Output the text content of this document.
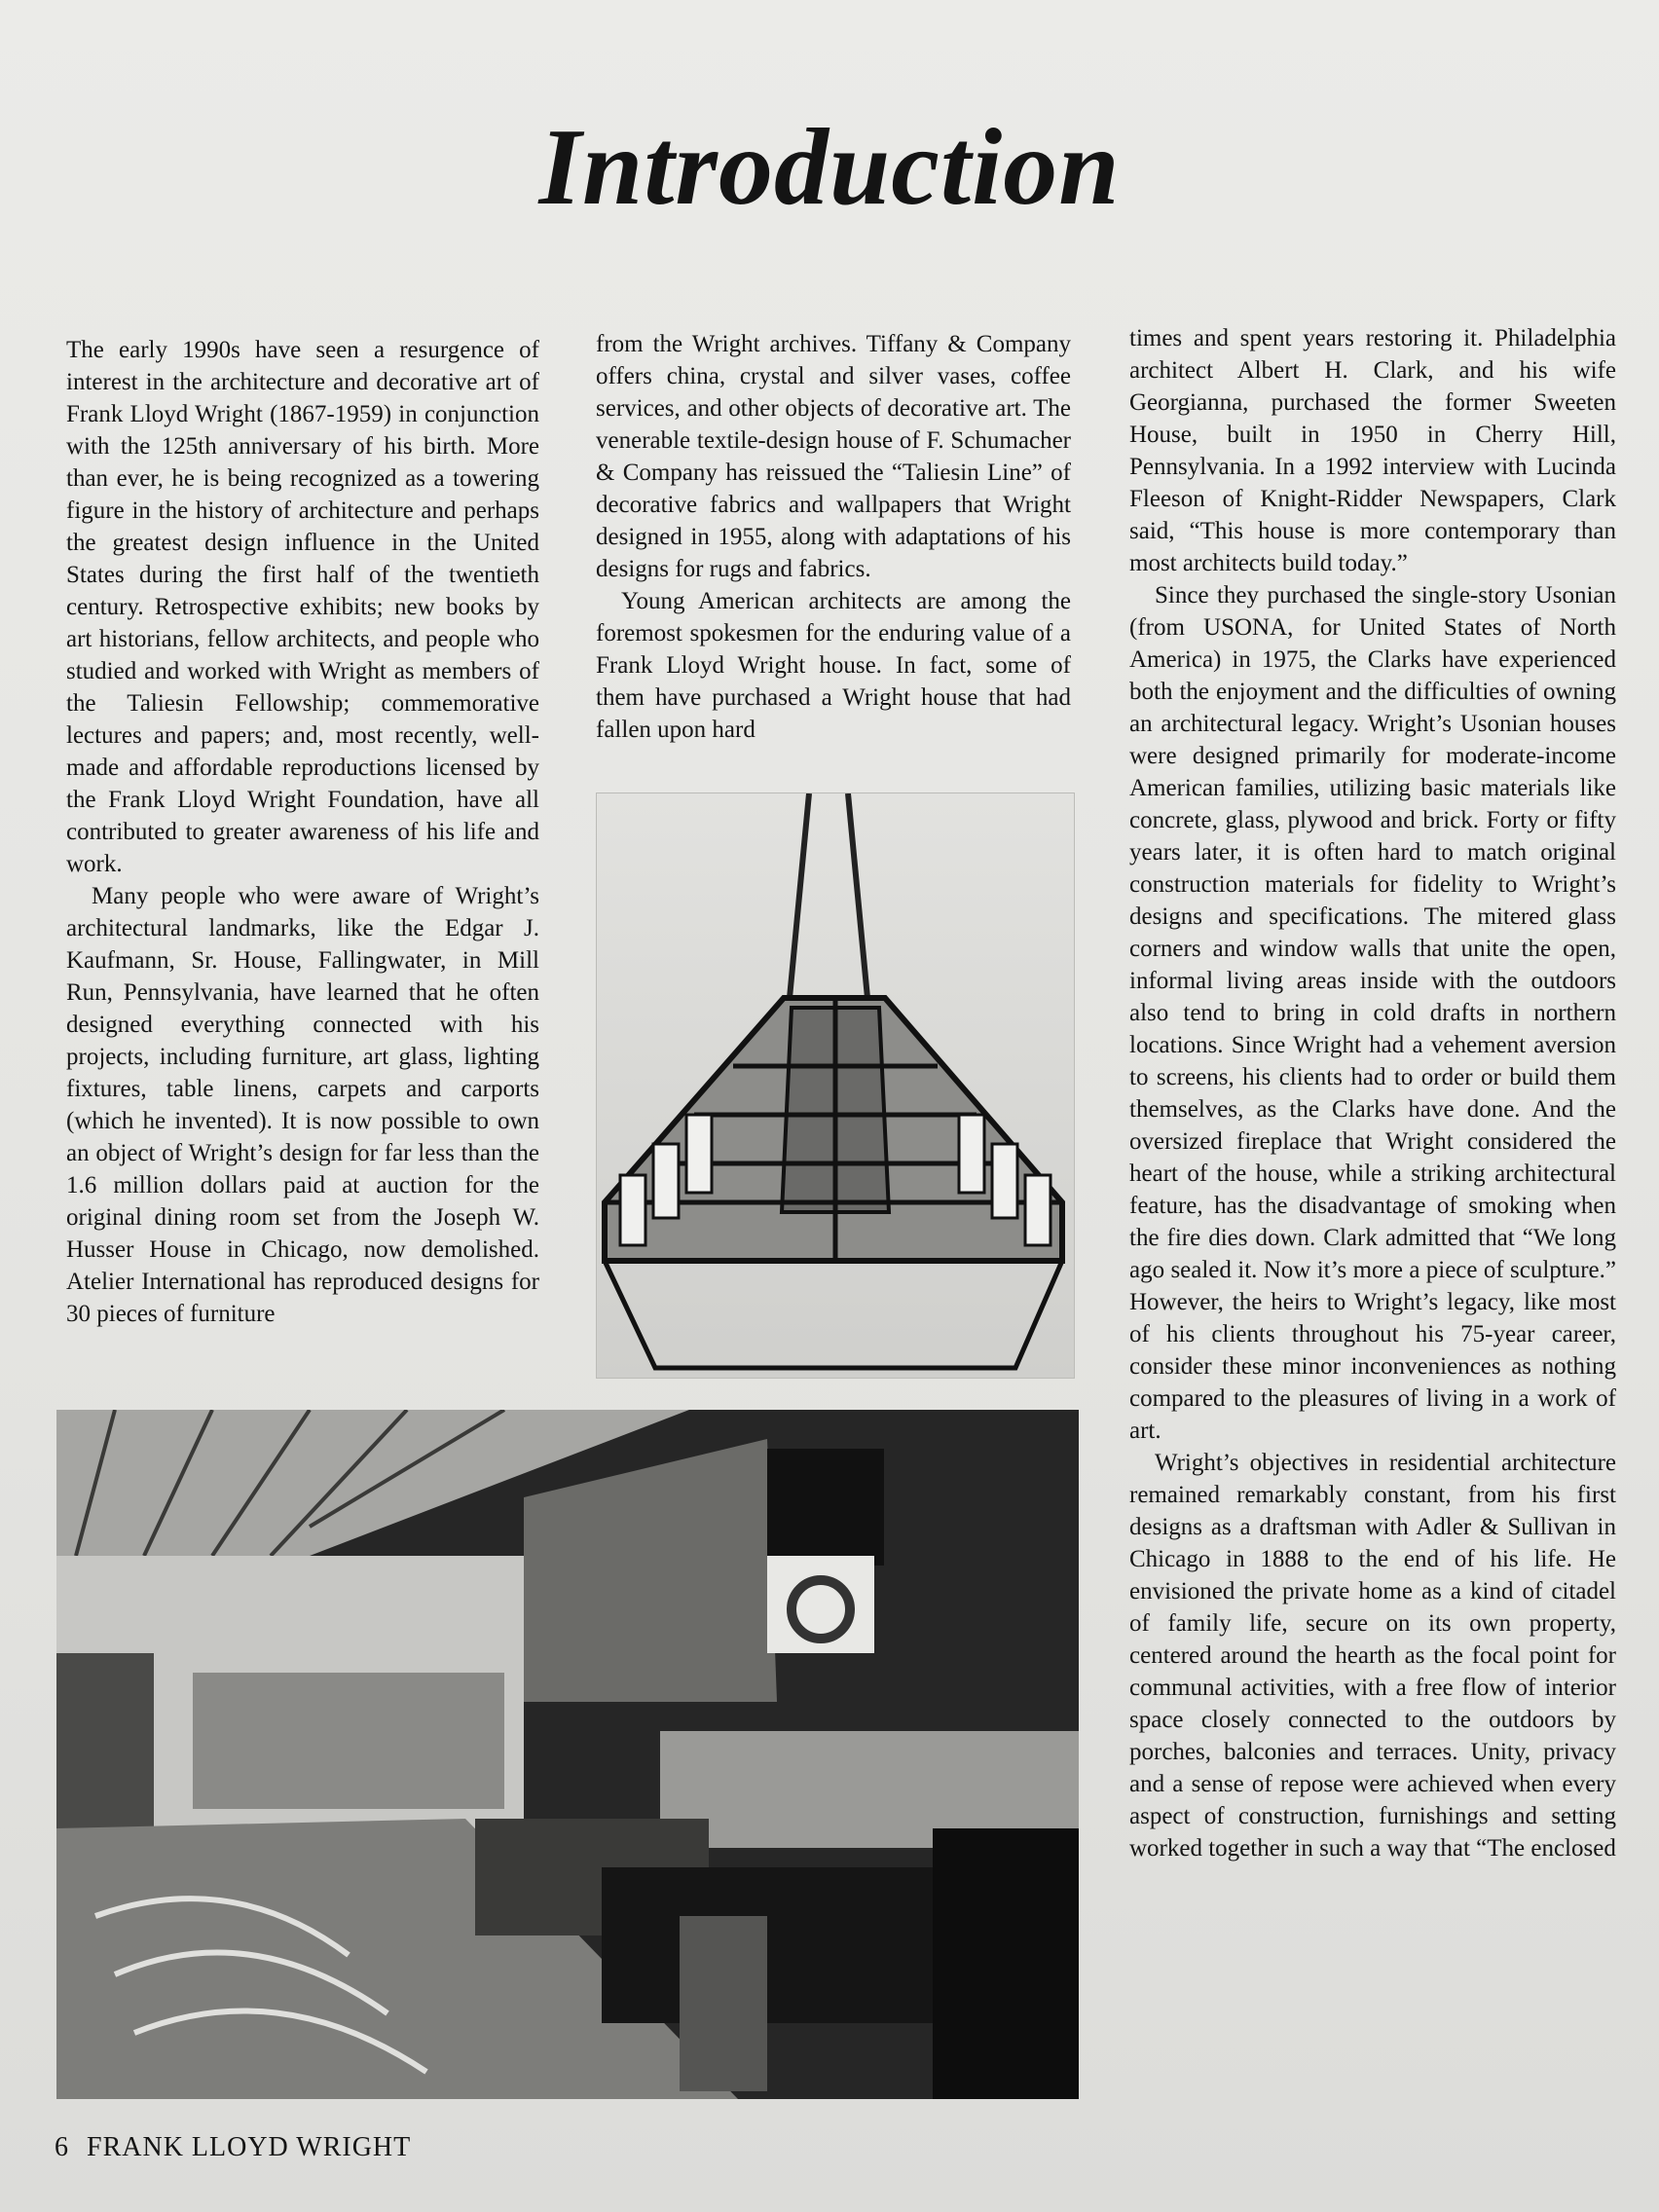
Introduction

The early 1990s have seen a resurgence of interest in the architecture and decorative art of Frank Lloyd Wright (1867-1959) in conjunction with the 125th anniversary of his birth. More than ever, he is being recognized as a towering figure in the history of architecture and perhaps the greatest design influence in the United States during the first half of the twentieth century. Retrospective exhibits; new books by art historians, fellow architects, and people who studied and worked with Wright as members of the Taliesin Fellowship; commemorative lectures and papers; and, most recently, well-made and affordable reproductions licensed by the Frank Lloyd Wright Foundation, have all contributed to greater awareness of his life and work.

Many people who were aware of Wright’s architectural landmarks, like the Edgar J. Kaufmann, Sr. House, Fallingwater, in Mill Run, Pennsylvania, have learned that he often designed everything connected with his projects, including furniture, art glass, lighting fixtures, table linens, carpets and carports (which he invented). It is now possible to own an object of Wright’s design for far less than the 1.6 million dollars paid at auction for the original dining room set from the Joseph W. Husser House in Chicago, now demolished. Atelier International has reproduced designs for 30 pieces of furniture

from the Wright archives. Tiffany & Company offers china, crystal and silver vases, coffee services, and other objects of decorative art. The venerable textile-design house of F. Schumacher & Company has reissued the “Taliesin Line” of decorative fabrics and wallpapers that Wright designed in 1955, along with adaptations of his designs for rugs and fabrics.

Young American architects are among the foremost spokesmen for the enduring value of a Frank Lloyd Wright house. In fact, some of them have purchased a Wright house that had fallen upon hard

times and spent years restoring it. Philadelphia architect Albert H. Clark, and his wife Georgianna, purchased the former Sweeten House, built in 1950 in Cherry Hill, Pennsylvania. In a 1992 interview with Lucinda Fleeson of Knight-Ridder Newspapers, Clark said, “This house is more contemporary than most architects build today.”

Since they purchased the single-story Usonian (from USONA, for United States of North America) in 1975, the Clarks have experienced both the enjoyment and the difficulties of owning an architectural legacy. Wright’s Usonian houses were designed primarily for moderate-income American families, utilizing basic materials like concrete, glass, plywood and brick. Forty or fifty years later, it is often hard to match original construction materials for fidelity to Wright’s designs and specifications. The mitered glass corners and window walls that unite the open, informal living areas inside with the outdoors also tend to bring in cold drafts in northern locations. Since Wright had a vehement aversion to screens, his clients had to order or build them themselves, as the Clarks have done. And the oversized fireplace that Wright considered the heart of the house, while a striking architectural feature, has the disadvantage of smoking when the fire dies down. Clark admitted that “We long ago sealed it. Now it’s more a piece of sculpture.” However, the heirs to Wright’s legacy, like most of his clients throughout his 75-year career, consider these minor inconveniences as nothing compared to the pleasures of living in a work of art.

Wright’s objectives in residential architecture remained remarkably constant, from his first designs as a draftsman with Adler & Sullivan in Chicago in 1888 to the end of his life. He envisioned the private home as a kind of citadel of family life, secure on its own property, centered around the hearth as the focal point for communal activities, with a free flow of interior space closely connected to the outdoors by porches, balconies and terraces. Unity, privacy and a sense of repose were achieved when every aspect of construction, furnishings and setting worked together in such a way that “The enclosed

6 FRANK LLOYD WRIGHT
